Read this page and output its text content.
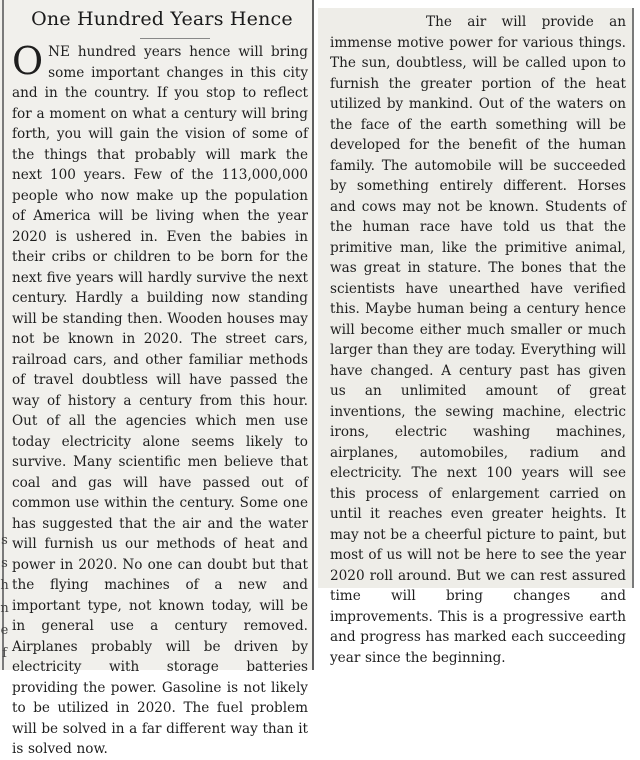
s
s
h
n
e
f
One Hundred Years Hence
ONE hundred years hence will bring some important changes in this city and in the country. If you stop to reflect for a moment on what a century will bring forth, you will gain the vision of some of the things that probably will mark the next 100 years. Few of the 113,000,000 people who now make up the population of America will be living when the year 2020 is ushered in. Even the babies in their cribs or children to be born for the next five years will hardly survive the next century. Hardly a building now standing will be standing then. Wooden houses may not be known in 2020. The street cars, railroad cars, and other familiar methods of travel doubtless will have passed the way of history a century from this hour. Out of all the agencies which men use today electricity alone seems likely to survive. Many scientific men believe that coal and gas will have passed out of common use within the century. Some one has suggested that the air and the water will furnish us our methods of heat and power in 2020. No one can doubt but that the flying machines of a new and important type, not known today, will be in general use a century removed. Airplanes probably will be driven by electricity with storage batteries providing the power. Gasoline is not likely to be utilized in 2020. The fuel problem will be solved in a far different way than it is solved now.
The air will provide an immense motive power for various things. The sun, doubtless, will be called upon to furnish the greater portion of the heat utilized by mankind. Out of the waters on the face of the earth something will be developed for the benefit of the human family. The automobile will be succeeded by something entirely different. Horses and cows may not be known. Students of the human race have told us that the primitive man, like the primitive animal, was great in stature. The bones that the scientists have unearthed have verified this. Maybe human being a century hence will become either much smaller or much larger than they are today. Everything will have changed. A century past has given us an unlimited amount of great inventions, the sewing machine, electric irons, electric washing machines, airplanes, automobiles, radium and electricity. The next 100 years will see this process of enlargement carried on until it reaches even greater heights. It may not be a cheerful picture to paint, but most of us will not be here to see the year 2020 roll around. But we can rest assured time will bring changes and improvements. This is a progressive earth and progress has marked each succeeding year since the beginning.
